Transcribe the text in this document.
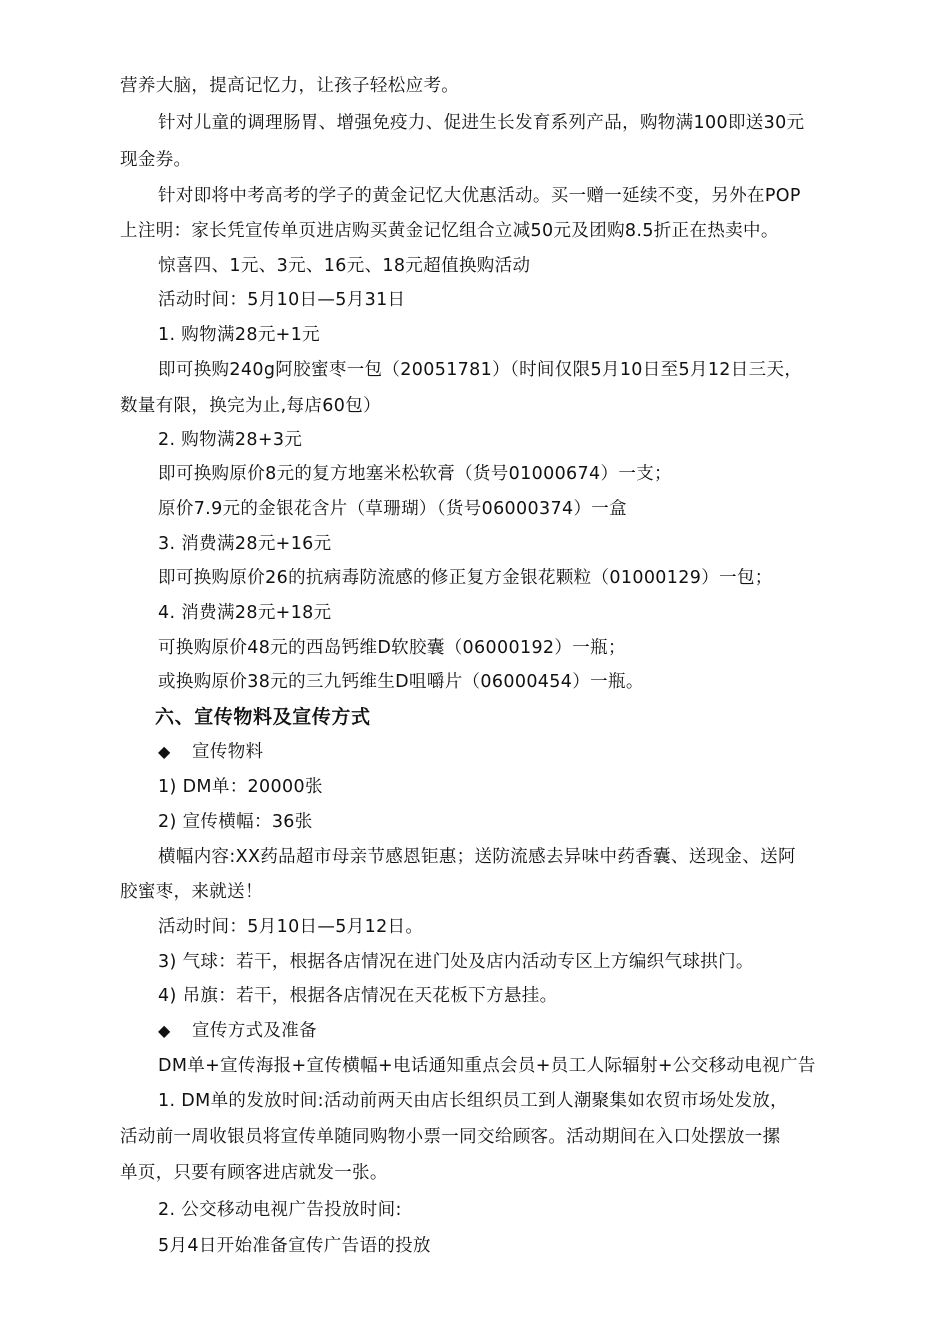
营养大脑，提高记忆力，让孩子轻松应考。
针对儿童的调理肠胃、增强免疫力、促进生长发育系列产品，购物满100即送30元
现金券。
针对即将中考高考的学子的黄金记忆大优惠活动。买一赠一延续不变，另外在POP
上注明：家长凭宣传单页进店购买黄金记忆组合立减50元及团购8.5折正在热卖中。
惊喜四、1元、3元、16元、18元超值换购活动
活动时间：5月10日—5月31日
1. 购物满28元+1元
即可换购240g阿胶蜜枣一包（20051781）（时间仅限5月10日至5月12日三天，
数量有限，换完为止,每店60包）
2. 购物满28+3元
即可换购原价8元的复方地塞米松软膏（货号01000674）一支；
原价7.9元的金银花含片（草珊瑚）（货号06000374）一盒
3. 消费满28元+16元
即可换购原价26的抗病毒防流感的修正复方金银花颗粒（01000129）一包；
4. 消费满28元+18元
可换购原价48元的西岛钙维D软胶囊（06000192）一瓶；
或换购原价38元的三九钙维生D咀嚼片（06000454）一瓶。
六、宣传物料及宣传方式
◆ 宣传物料
1) DM单：20000张
2) 宣传横幅：36张
横幅内容:XX药品超市母亲节感恩钜惠；送防流感去异味中药香囊、送现金、送阿
胶蜜枣，来就送！
活动时间：5月10日—5月12日。
3) 气球：若干，根据各店情况在进门处及店内活动专区上方编织气球拱门。
4) 吊旗：若干，根据各店情况在天花板下方悬挂。
◆ 宣传方式及准备
DM单+宣传海报+宣传横幅+电话通知重点会员+员工人际辐射+公交移动电视广告
1. DM单的发放时间:活动前两天由店长组织员工到人潮聚集如农贸市场处发放，
活动前一周收银员将宣传单随同购物小票一同交给顾客。活动期间在入口处摆放一摞
单页，只要有顾客进店就发一张。
2. 公交移动电视广告投放时间:
5月4日开始准备宣传广告语的投放
